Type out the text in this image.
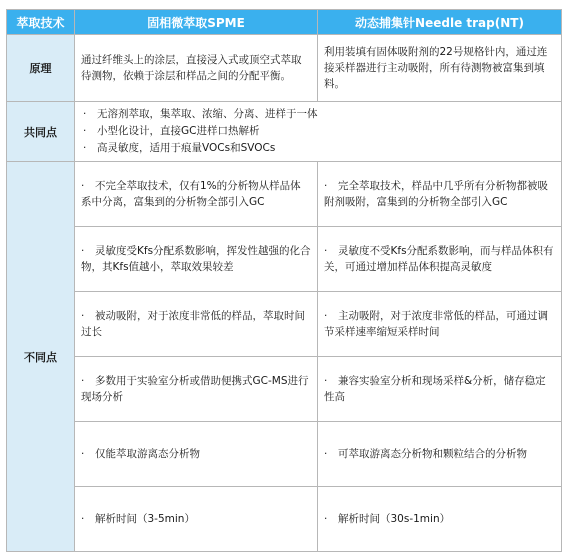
萃取技术	固相微萃取SPME	动态捕集针Needle trap(NT)
原理	通过纤维头上的涂层，直接浸入式或顶空式萃取待测物，依赖于涂层和样品之间的分配平衡。	利用装填有固体吸附剂的22号规格针内，通过连接采样器进行主动吸附，所有待测物被富集到填料。
共同点	· 无溶剂萃取，集萃取、浓缩、分离、进样于一体
· 小型化设计，直接GC进样口热解析
· 高灵敏度，适用于痕量VOCs和SVOCs	

不同点	· 不完全萃取技术，仅有1%的分析物从样品体系中分离，富集到的分析物全部引入GC	· 完全萃取技术，样品中几乎所有分析物都被吸附剂吸附，富集到的分析物全部引入GC
	· 灵敏度受Kfs分配系数影响，挥发性越强的化合物，其Kfs值越小，萃取效果较差	· 灵敏度不受Kfs分配系数影响，而与样品体积有关，可通过增加样品体积提高灵敏度
	· 被动吸附，对于浓度非常低的样品，萃取时间过长	· 主动吸附，对于浓度非常低的样品，可通过调节采样速率缩短采样时间
	· 多数用于实验室分析或借助便携式GC-MS进行现场分析	· 兼容实验室分析和现场采样&分析，储存稳定性高
	· 仅能萃取游离态分析物	· 可萃取游离态分析物和颗粒结合的分析物
	· 解析时间（3-5min）	· 解析时间（30s-1min）
